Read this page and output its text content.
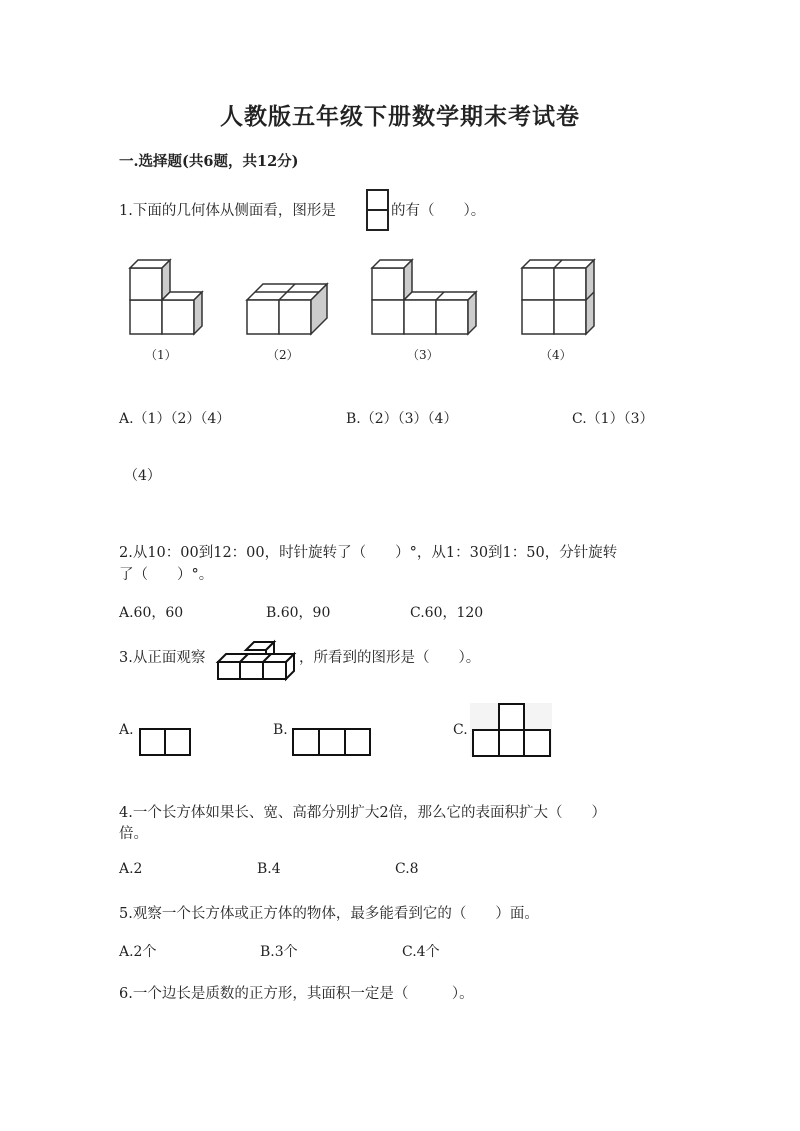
人教版五年级下册数学期末考试卷
一.选择题(共6题，共12分)
1.下面的几何体从侧面看，图形是	的有（　　）。
（1）	（2）	（3）	（4）
A.（1）（2）（4）	B.（2）（3）（4）	C.（1）（3）
（4）
2.从10：00到12：00，时针旋转了（　　）°，从1：30到1：50，分针旋转
了（　　）°。
A.60，60	B.60，90	C.60，120
3.从正面观察	，所看到的图形是（　　）。
A.	B.	C.
4.一个长方体如果长、宽、高都分别扩大2倍，那么它的表面积扩大（　　）
倍。
A.2	B.4	C.8
5.观察一个长方体或正方体的物体，最多能看到它的（　　）面。
A.2个	B.3个	C.4个
6.一个边长是质数的正方形，其面积一定是（　　　）。
